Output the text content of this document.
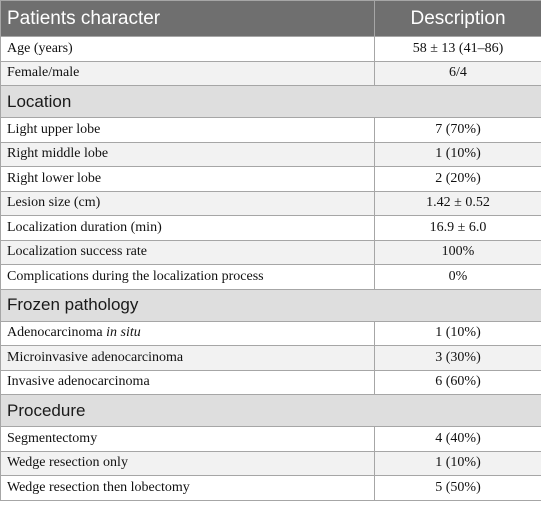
Patients character	Description
Age (years)	58 ± 13 (41–86)
Female/male	6/4
Location	
Light upper lobe	7 (70%)
Right middle lobe	1 (10%)
Right lower lobe	2 (20%)
Lesion size (cm)	1.42 ± 0.52
Localization duration (min)	16.9 ± 6.0
Localization success rate	100%
Complications during the localization process	0%
Frozen pathology	
Adenocarcinoma in situ	1 (10%)
Microinvasive adenocarcinoma	3 (30%)
Invasive adenocarcinoma	6 (60%)
Procedure	
Segmentectomy	4 (40%)
Wedge resection only	1 (10%)
Wedge resection then lobectomy	5 (50%)
